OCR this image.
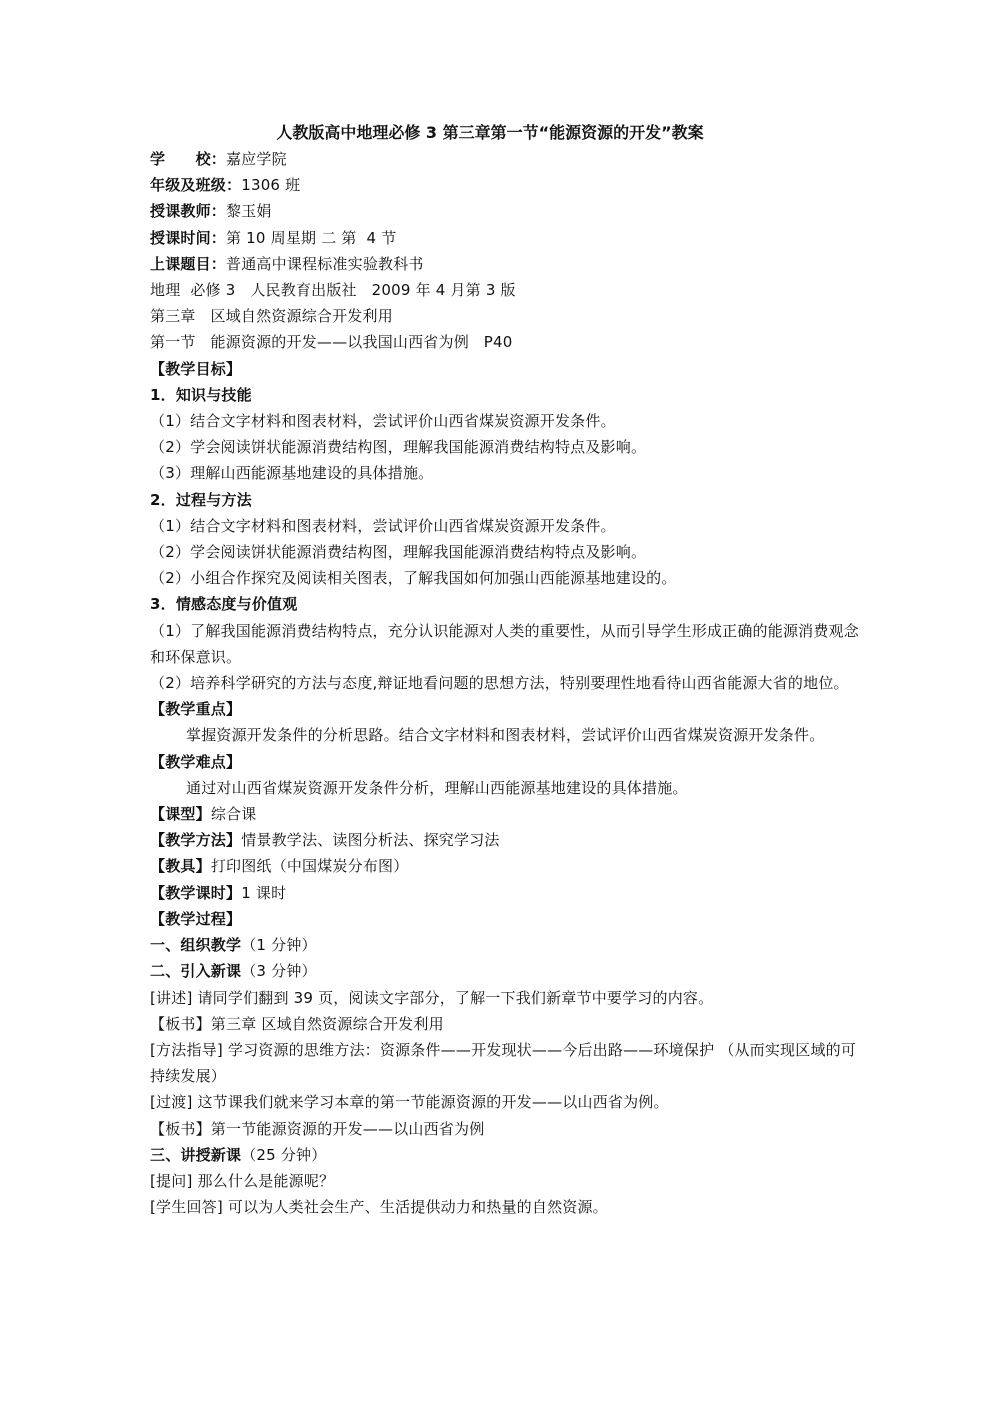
人教版高中地理必修 3 第三章第一节“能源资源的开发”教案
学　　校：嘉应学院
年级及班级：1306 班
授课教师：黎玉娟
授课时间：第 10 周星期 二 第  4 节
上课题目：普通高中课程标准实验教科书
地理  必修 3   人民教育出版社   2009 年 4 月第 3 版
第三章   区域自然资源综合开发利用
第一节   能源资源的开发——以我国山西省为例   P40
【教学目标】
1．知识与技能
（1）结合文字材料和图表材料，尝试评价山西省煤炭资源开发条件。
（2）学会阅读饼状能源消费结构图，理解我国能源消费结构特点及影响。
（3）理解山西能源基地建设的具体措施。
2．过程与方法
（1）结合文字材料和图表材料，尝试评价山西省煤炭资源开发条件。
（2）学会阅读饼状能源消费结构图，理解我国能源消费结构特点及影响。
（2）小组合作探究及阅读相关图表，了解我国如何加强山西能源基地建设的。
3．情感态度与价值观
（1）了解我国能源消费结构特点，充分认识能源对人类的重要性，从而引导学生形成正确的能源消费观念和环保意识。
（2）培养科学研究的方法与态度,辩证地看问题的思想方法，特别要理性地看待山西省能源大省的地位。
【教学重点】
掌握资源开发条件的分析思路。结合文字材料和图表材料，尝试评价山西省煤炭资源开发条件。
【教学难点】
通过对山西省煤炭资源开发条件分析，理解山西能源基地建设的具体措施。
【课型】综合课
【教学方法】情景教学法、读图分析法、探究学习法
【教具】打印图纸（中国煤炭分布图）
【教学课时】1 课时
【教学过程】
一、组织教学（1 分钟）
二、引入新课（3 分钟）
[讲述] 请同学们翻到 39 页，阅读文字部分，了解一下我们新章节中要学习的内容。
【板书】第三章 区域自然资源综合开发利用
[方法指导] 学习资源的思维方法：资源条件——开发现状——今后出路——环境保护 （从而实现区域的可持续发展）
[过渡] 这节课我们就来学习本章的第一节能源资源的开发——以山西省为例。
【板书】第一节能源资源的开发——以山西省为例
三、讲授新课（25 分钟）
[提问] 那么什么是能源呢？
[学生回答] 可以为人类社会生产、生活提供动力和热量的自然资源。
